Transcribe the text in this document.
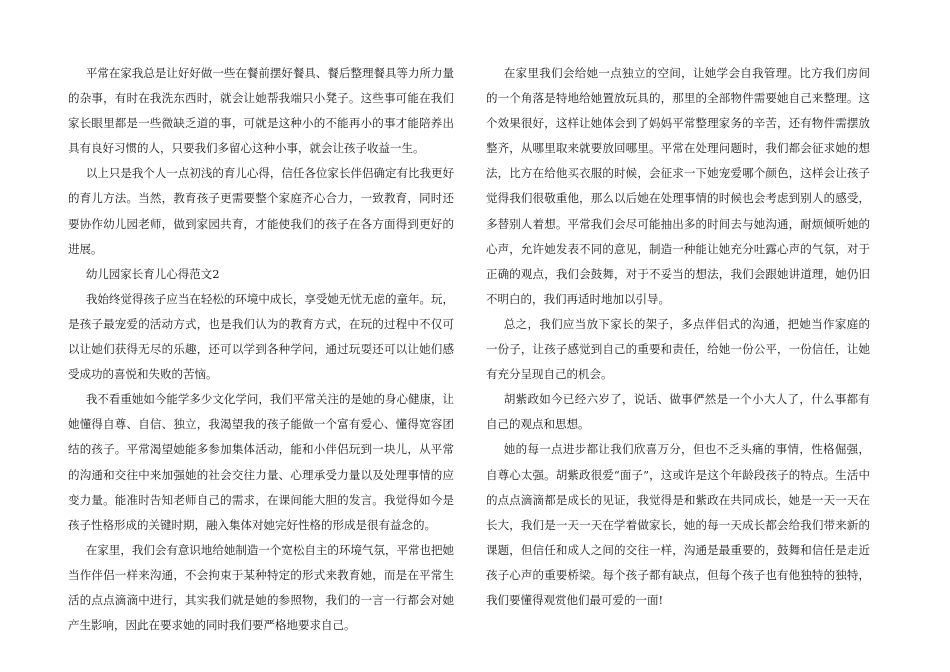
平常在家我总是让好好做一些在餐前摆好餐具、餐后整理餐具等力所力量的杂事，有时在我洗东西时，就会让她帮我端只小凳子。这些事可能在我们家长眼里都是一些微缺乏道的事，可就是这种小的不能再小的事才能陪养出具有良好习惯的人，只要我们多留心这种小事，就会让孩子收益一生。

以上只是我个人一点初浅的育儿心得，信任各位家长伴侣确定有比我更好的育儿方法。当然，教育孩子更需要整个家庭齐心合力，一致教育，同时还要协作幼儿园老师，做到家园共育，才能使我们的孩子在各方面得到更好的进展。

幼儿园家长育儿心得范文2

我始终觉得孩子应当在轻松的环境中成长，享受她无忧无虑的童年。玩，是孩子最宠爱的活动方式，也是我们认为的教育方式，在玩的过程中不仅可以让她们获得无尽的乐趣，还可以学到各种学问，通过玩耍还可以让她们感受成功的喜悦和失败的苦恼。

我不看重她如今能学多少文化学问，我们平常关注的是她的身心健康，让她懂得自尊、自信、独立，我渴望我的孩子能做一个富有爱心、懂得宽容团结的孩子。平常渴望她能多参加集体活动，能和小伴侣玩到一块儿，从平常的沟通和交往中来加强她的社会交往力量、心理承受力量以及处理事情的应变力量。能准时告知老师自己的需求，在课间能大胆的发言。我觉得如今是孩子性格形成的关键时期，融入集体对她完好性格的形成是很有益念的。

在家里，我们会有意识地给她制造一个宽松自主的环境气氛，平常也把她当作伴侣一样来沟通，不会拘束于某种特定的形式来教育她，而是在平常生活的点点滴滴中进行，其实我们就是她的参照物，我们的一言一行都会对她产生影响，因此在要求她的同时我们要严格地要求自己。

在家里我们会给她一点独立的空间，让她学会自我管理。比方我们房间的一个角落是特地给她置放玩具的，那里的全部物件需要她自己来整理。这个效果很好，这样让她体会到了妈妈平常整理家务的辛苦，还有物件需摆放整齐，从哪里取来就要放回哪里。平常在处理问题时，我们都会征求她的想法，比方在给他买衣服的时候，会征求一下她宠爱哪个颜色，这样会让孩子觉得我们很敬重他，那么以后她在处理事情的时候也会考虑到别人的感受，多替别人着想。平常我们会尽可能抽出多的时间去与她沟通，耐烦倾听她的心声，允许她发表不同的意见，制造一种能让她充分吐露心声的气氛，对于正确的观点，我们会鼓舞，对于不妥当的想法，我们会跟她讲道理，她仍旧不明白的，我们再适时地加以引导。

总之，我们应当放下家长的架子，多点伴侣式的沟通，把她当作家庭的一份子，让孩子感觉到自己的重要和责任，给她一份公平，一份信任，让她有充分呈现自己的机会。

胡紫政如今已经六岁了，说话、做事俨然是一个小大人了，什么事都有自己的观点和思想。

她的每一点进步都让我们欣喜万分，但也不乏头痛的事情，性格倔强，自尊心太强。胡紫政很爱“面子”，这或许是这个年龄段孩子的特点。生活中的点点滴滴都是成长的见证，我觉得是和紫政在共同成长，她是一天一天在长大，我们是一天一天在学着做家长，她的每一天成长都会给我们带来新的课题，但信任和成人之间的交往一样，沟通是最重要的，鼓舞和信任是走近孩子心声的重要桥梁。每个孩子都有缺点，但每个孩子也有他独特的独特，我们要懂得观赏他们最可爱的一面!
